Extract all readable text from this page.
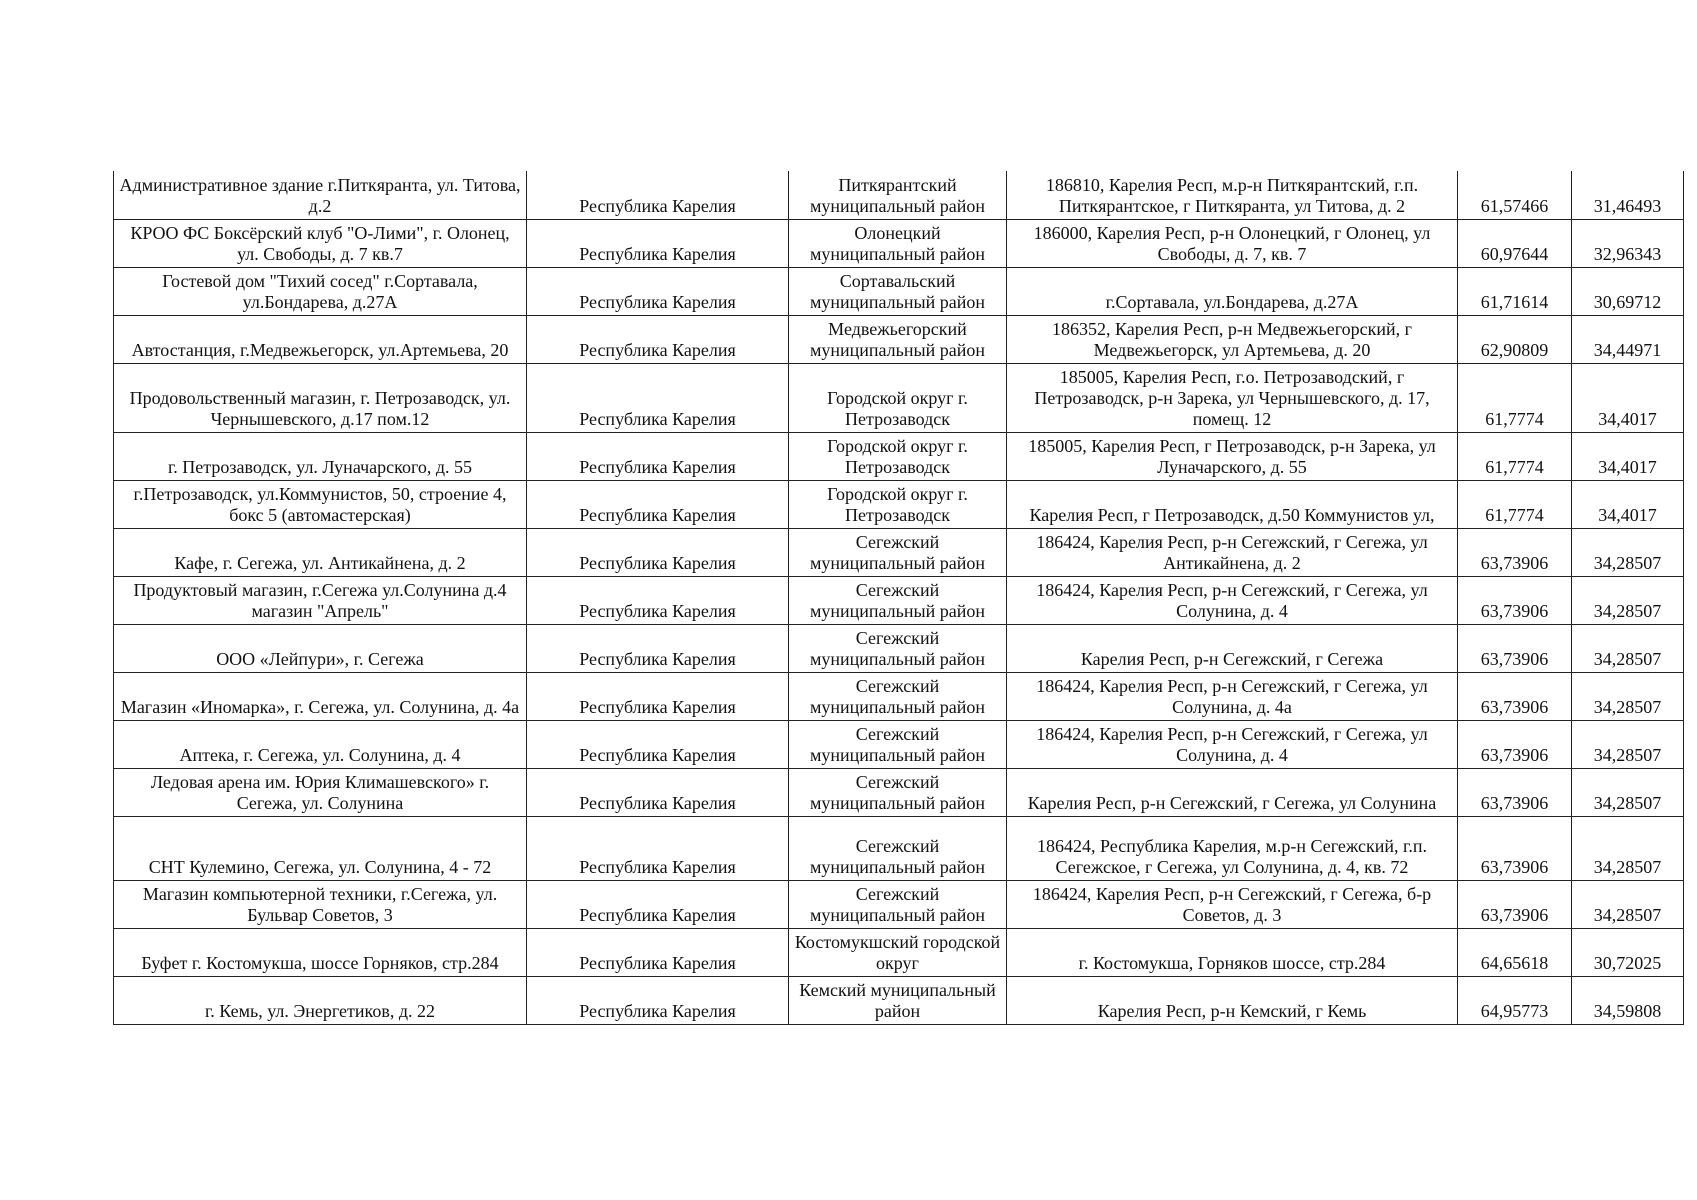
Административное здание г.Питкяранта, ул. Титова, д.2	Республика Карелия	Питкярантский муниципальный район	186810, Карелия Респ, м.р-н Питкярантский, г.п. Питкярантское, г Питкяранта, ул Титова, д. 2	61,57466	31,46493
КРОО ФС Боксёрский клуб "О-Лими", г. Олонец, ул. Свободы, д. 7 кв.7	Республика Карелия	Олонецкий муниципальный район	186000, Карелия Респ, р-н Олонецкий, г Олонец, ул Свободы, д. 7, кв. 7	60,97644	32,96343
Гостевой дом "Тихий сосед" г.Сортавала, ул.Бондарева, д.27А	Республика Карелия	Сортавальский муниципальный район	г.Сортавала, ул.Бондарева, д.27А	61,71614	30,69712
Автостанция, г.Медвежьегорск, ул.Артемьева, 20	Республика Карелия	Медвежьегорский муниципальный район	186352, Карелия Респ, р-н Медвежьегорский, г Медвежьегорск, ул Артемьева, д. 20	62,90809	34,44971
Продовольственный магазин, г. Петрозаводск, ул. Чернышевского, д.17 пом.12	Республика Карелия	Городской округ г. Петрозаводск	185005, Карелия Респ, г.о. Петрозаводский, г Петрозаводск, р-н Зарека, ул Чернышевского, д. 17, помещ. 12	61,7774	34,4017
г. Петрозаводск, ул. Луначарского, д. 55	Республика Карелия	Городской округ г. Петрозаводск	185005, Карелия Респ, г Петрозаводск, р-н Зарека, ул Луначарского, д. 55	61,7774	34,4017
г.Петрозаводск, ул.Коммунистов, 50, строение 4, бокс 5 (автомастерская)	Республика Карелия	Городской округ г. Петрозаводск	Карелия Респ, г Петрозаводск, д.50 Коммунистов ул,	61,7774	34,4017
Кафе, г. Сегежа, ул. Антикайнена, д. 2	Республика Карелия	Сегежский муниципальный район	186424, Карелия Респ, р-н Сегежский, г Сегежа, ул Антикайнена, д. 2	63,73906	34,28507
Продуктовый магазин, г.Сегежа ул.Солунина д.4 магазин "Апрель"	Республика Карелия	Сегежский муниципальный район	186424, Карелия Респ, р-н Сегежский, г Сегежа, ул Солунина, д. 4	63,73906	34,28507
ООО «Лейпури», г. Сегежа	Республика Карелия	Сегежский муниципальный район	Карелия Респ, р-н Сегежский, г Сегежа	63,73906	34,28507
Магазин «Иномарка», г. Сегежа, ул. Солунина, д. 4а	Республика Карелия	Сегежский муниципальный район	186424, Карелия Респ, р-н Сегежский, г Сегежа, ул Солунина, д. 4а	63,73906	34,28507
Аптека, г. Сегежа, ул. Солунина, д. 4	Республика Карелия	Сегежский муниципальный район	186424, Карелия Респ, р-н Сегежский, г Сегежа, ул Солунина, д. 4	63,73906	34,28507
Ледовая арена им. Юрия Климашевского» г. Сегежа, ул. Солунина	Республика Карелия	Сегежский муниципальный район	Карелия Респ, р-н Сегежский, г Сегежа, ул Солунина	63,73906	34,28507
СНТ Кулемино, Сегежа, ул. Солунина, 4 - 72	Республика Карелия	Сегежский муниципальный район	186424, Республика Карелия, м.р-н Сегежский, г.п. Сегежское, г Сегежа, ул Солунина, д. 4, кв. 72	63,73906	34,28507
Магазин компьютерной техники, г.Сегежа, ул. Бульвар Советов, 3	Республика Карелия	Сегежский муниципальный район	186424, Карелия Респ, р-н Сегежский, г Сегежа, б-р Советов, д. 3	63,73906	34,28507
Буфет г. Костомукша, шоссе Горняков, стр.284	Республика Карелия	Костомукшский городской округ	г. Костомукша, Горняков шоссе, стр.284	64,65618	30,72025
г. Кемь, ул. Энергетиков, д. 22	Республика Карелия	Кемский муниципальный район	Карелия Респ, р-н Кемский, г Кемь	64,95773	34,59808
